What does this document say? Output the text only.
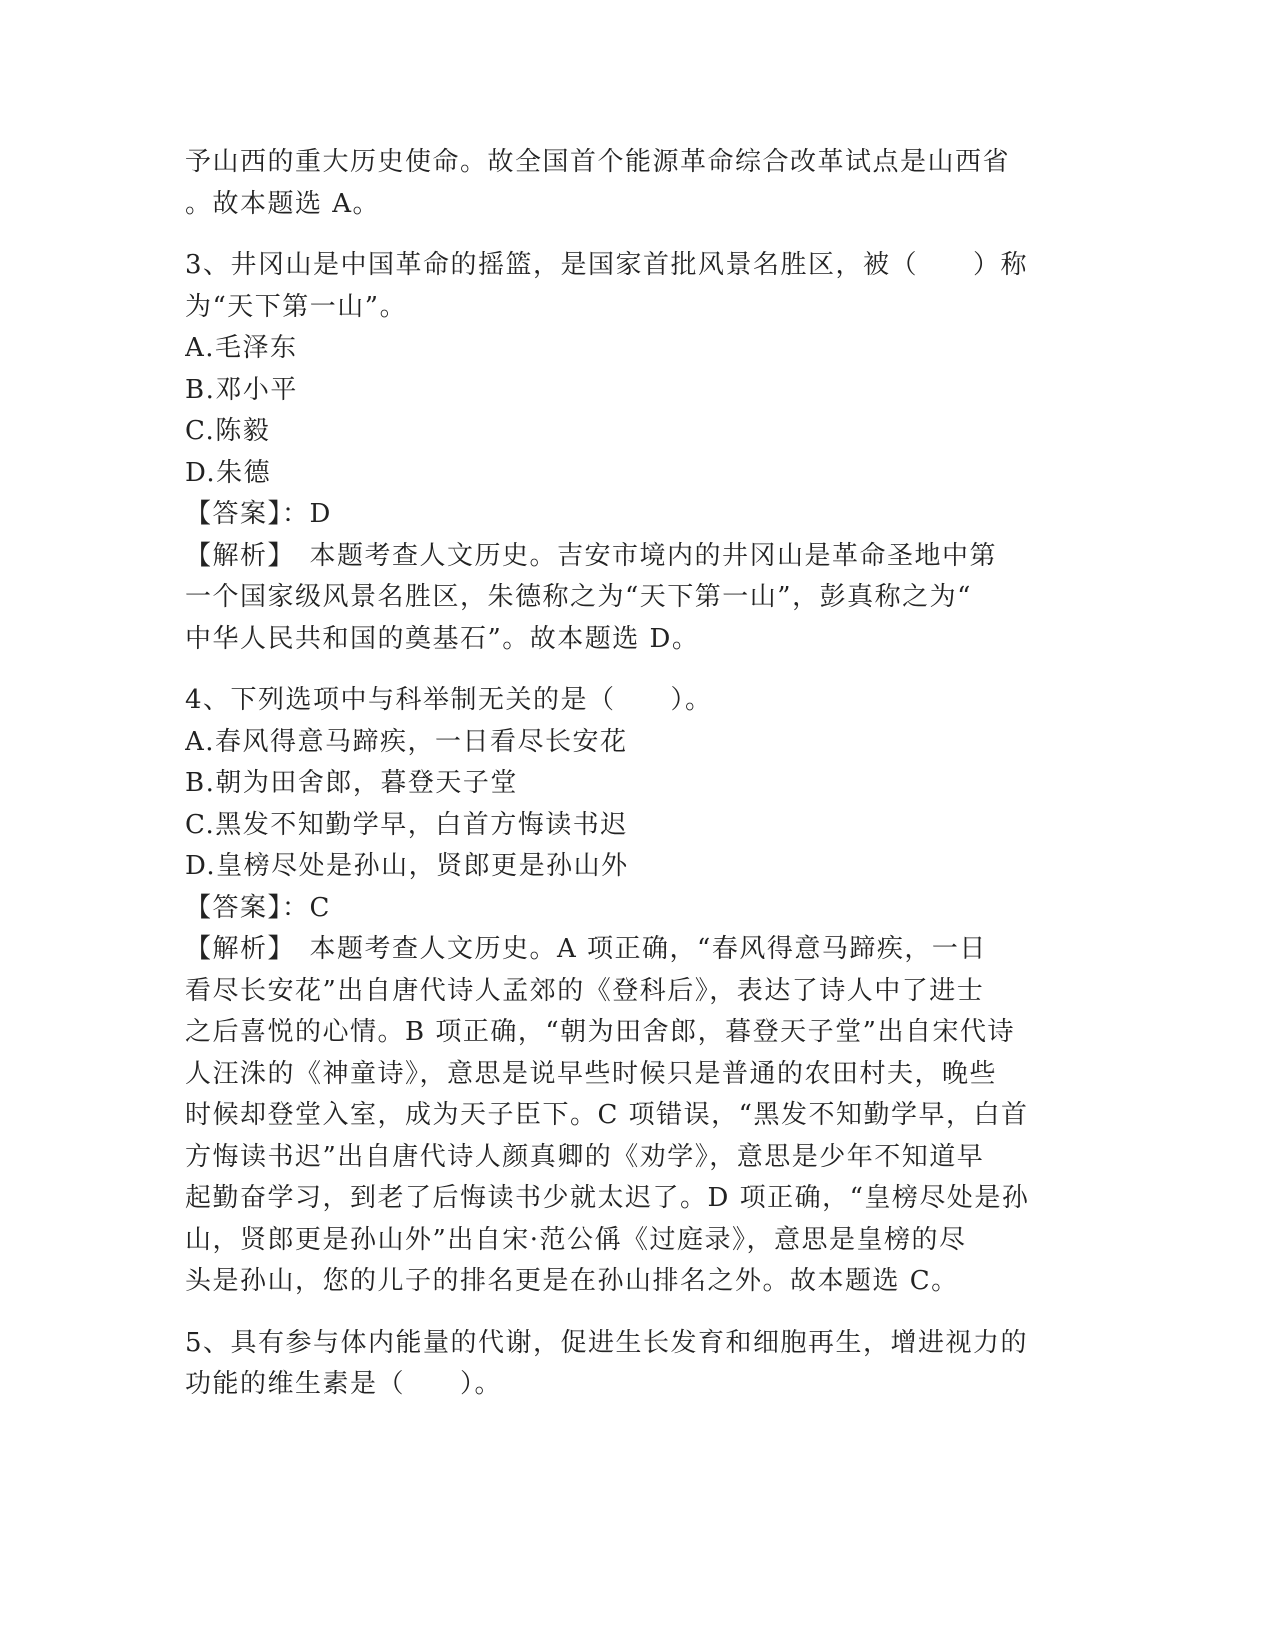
予山西的重大历史使命。故全国首个能源革命综合改革试点是山西省
。故本题选 A。
3、井冈山是中国革命的摇篮，是国家首批风景名胜区，被（　　）称
为“天下第一山”。
A.毛泽东
B.邓小平
C.陈毅
D.朱德
【答案】：D
【解析】　本题考查人文历史。吉安市境内的井冈山是革命圣地中第
一个国家级风景名胜区，朱德称之为“天下第一山”，彭真称之为“
中华人民共和国的奠基石”。故本题选 D。
4、下列选项中与科举制无关的是（　　）。
A.春风得意马蹄疾，一日看尽长安花
B.朝为田舍郎，暮登天子堂
C.黑发不知勤学早，白首方悔读书迟
D.皇榜尽处是孙山，贤郎更是孙山外
【答案】：C
【解析】　本题考查人文历史。A 项正确，“春风得意马蹄疾，一日
看尽长安花”出自唐代诗人孟郊的《登科后》，表达了诗人中了进士
之后喜悦的心情。B 项正确，“朝为田舍郎，暮登天子堂”出自宋代诗
人汪洙的《神童诗》，意思是说早些时候只是普通的农田村夫，晚些
时候却登堂入室，成为天子臣下。C 项错误，“黑发不知勤学早，白首
方悔读书迟”出自唐代诗人颜真卿的《劝学》，意思是少年不知道早
起勤奋学习，到老了后悔读书少就太迟了。D 项正确，“皇榜尽处是孙
山，贤郎更是孙山外”出自宋·范公偁《过庭录》，意思是皇榜的尽
头是孙山，您的儿子的排名更是在孙山排名之外。故本题选 C。
5、具有参与体内能量的代谢，促进生长发育和细胞再生，增进视力的
功能的维生素是（　　）。
